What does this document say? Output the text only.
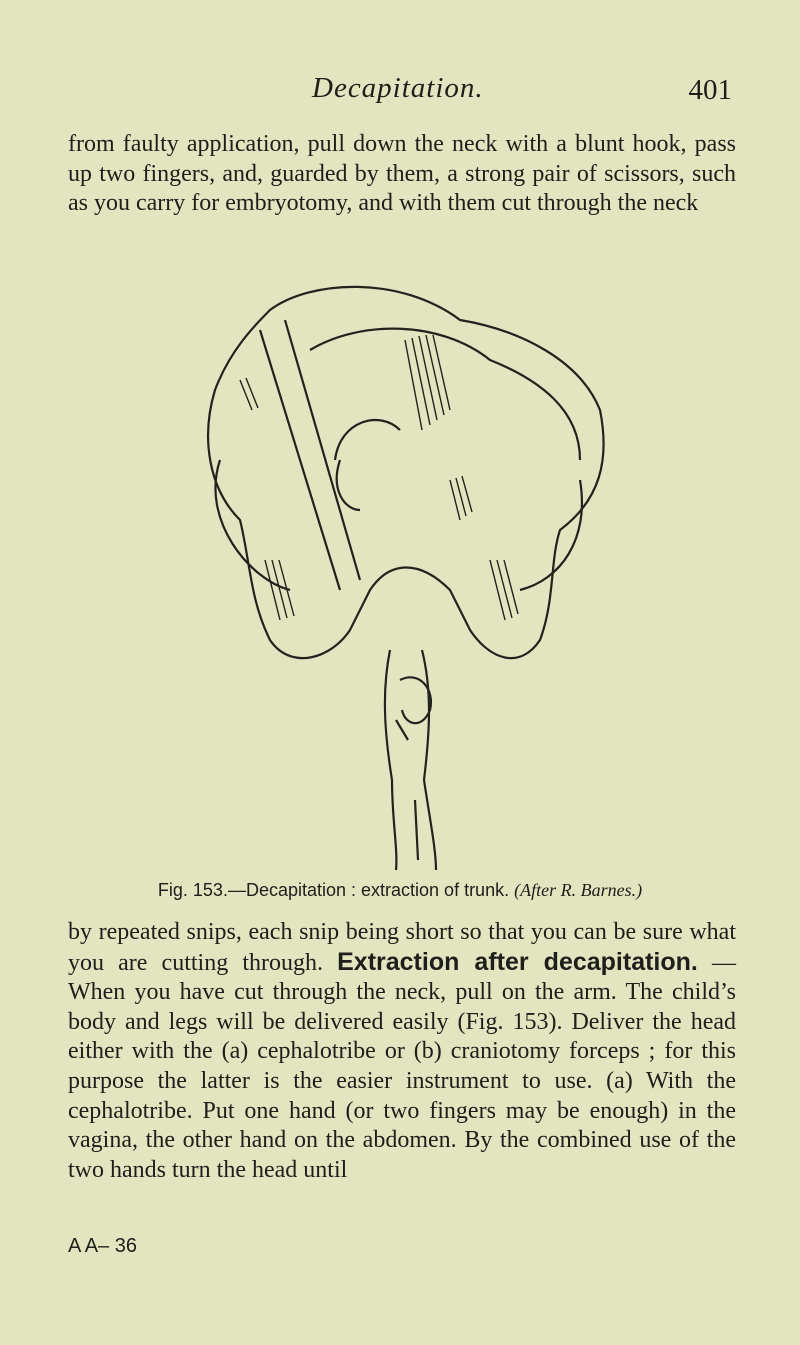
Decapitation.	401

from faulty application, pull down the neck with a blunt hook, pass up two fingers, and, guarded by them, a strong pair of scissors, such as you carry for embryotomy, and with them cut through the neck

Fig. 153.—Decapitation : extraction of trunk. (After R. Barnes.)

by repeated snips, each snip being short so that you can be sure what you are cutting through. Extraction after decapitation. — When you have cut through the neck, pull on the arm. The child’s body and legs will be delivered easily (Fig. 153). Deliver the head either with the (a) cephalotribe or (b) craniotomy forceps ; for this purpose the latter is the easier instrument to use. (a) With the cephalotribe. Put one hand (or two fingers may be enough) in the vagina, the other hand on the abdomen. By the combined use of the two hands turn the head until

A A– 36
